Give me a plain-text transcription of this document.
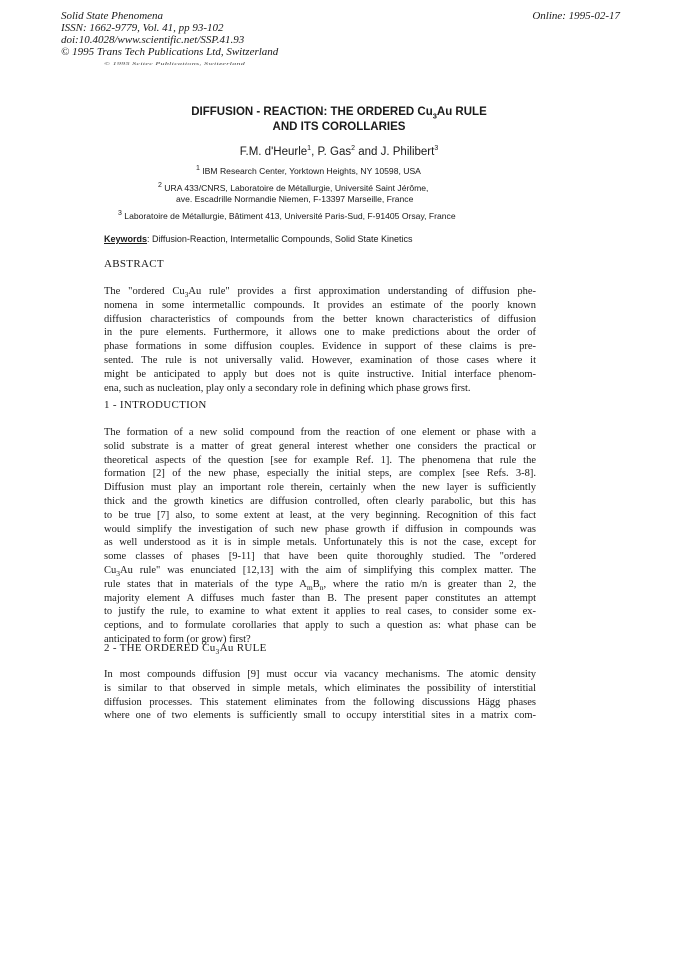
Solid State Phenomena
ISSN: 1662-9779, Vol. 41, pp 93-102
doi:10.4028/www.scientific.net/SSP.41.93
© 1995 Trans Tech Publications Ltd, Switzerland
Online: 1995-02-17
© 1995 Scitec Publications, Switzerland
DIFFUSION - REACTION: THE ORDERED $Cu_3Au$ RULE
AND ITS COROLLARIES
F.M. d'Heurle$^1$, P. Gas$^2$ and J. Philibert$^3$
$^1$ IBM Research Center, Yorktown Heights, NY 10598, USA
$^2$ URA 433/CNRS, Laboratoire de Métallurgie, Université Saint Jérôme,
ave. Escadrille Normandie Niemen, F-13397 Marseille, France
$^3$ Laboratoire de Métallurgie, Bâtiment 413, Université Paris-Sud, F-91405 Orsay, France
Keywords: Diffusion-Reaction, Intermetallic Compounds, Solid State Kinetics
ABSTRACT
The "ordered $Cu_3Au$ rule" provides a first approximation understanding of diffusion phe-
nomena in some intermetallic compounds. It provides an estimate of the poorly known
diffusion characteristics of compounds from the better known characteristics of diffusion
in the pure elements. Furthermore, it allows one to make predictions about the order of
phase formations in some diffusion couples. Evidence in support of these claims is pre-
sented. The rule is not universally valid. However, examination of those cases where it
might be anticipated to apply but does not is quite instructive. Initial interface phenom-
ena, such as nucleation, play only a secondary role in defining which phase grows first.
1 - INTRODUCTION
The formation of a new solid compound from the reaction of one element or phase with a
solid substrate is a matter of great general interest whether one considers the practical or
theoretical aspects of the question [see for example Ref. 1]. The phenomena that rule the
formation [2] of the new phase, especially the initial steps, are complex [see Refs. 3-8].
Diffusion must play an important role therein, certainly when the new layer is sufficiently
thick and the growth kinetics are diffusion controlled, often clearly parabolic, but this has
to be true [7] also, to some extent at least, at the very beginning. Recognition of this fact
would simplify the investigation of such new phase growth if diffusion in compounds was
as well understood as it is in simple metals. Unfortunately this is not the case, except for
some classes of phases [9-11] that have been quite thoroughly studied. The "ordered
$Cu_3Au$ rule" was enunciated [12,13] with the aim of simplifying this complex matter. The
rule states that in materials of the type $A_mB_n$, where the ratio m/n is greater than 2, the
majority element A diffuses much faster than B. The present paper constitutes an attempt
to justify the rule, to examine to what extent it applies to real cases, to consider some ex-
ceptions, and to formulate corollaries that apply to such a question as: what phase can be
anticipated to form (or grow) first?
2 - THE ORDERED $Cu_3Au$ RULE
In most compounds diffusion [9] must occur via vacancy mechanisms. The atomic density
is similar to that observed in simple metals, which eliminates the possibility of interstitial
diffusion processes. This statement eliminates from the following discussions Hägg phases
where one of two elements is sufficiently small to occupy interstitial sites in a matrix com-
